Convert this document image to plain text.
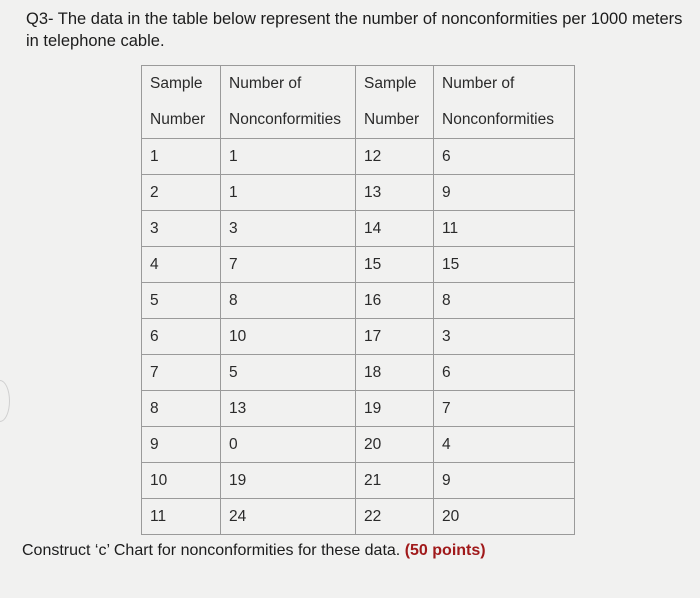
Q3- The data in the table below represent the number of nonconformities per 1000 meters in telephone cable.
Sample	Number of	Sample	Number of
Number	Nonconformities	Number	Nonconformities
1	1	12	6
2	1	13	9
3	3	14	11
4	7	15	15
5	8	16	8
6	10	17	3
7	5	18	6
8	13	19	7
9	0	20	4
10	19	21	9
11	24	22	20
Construct ‘c’ Chart for nonconformities for these data. (50 points)
